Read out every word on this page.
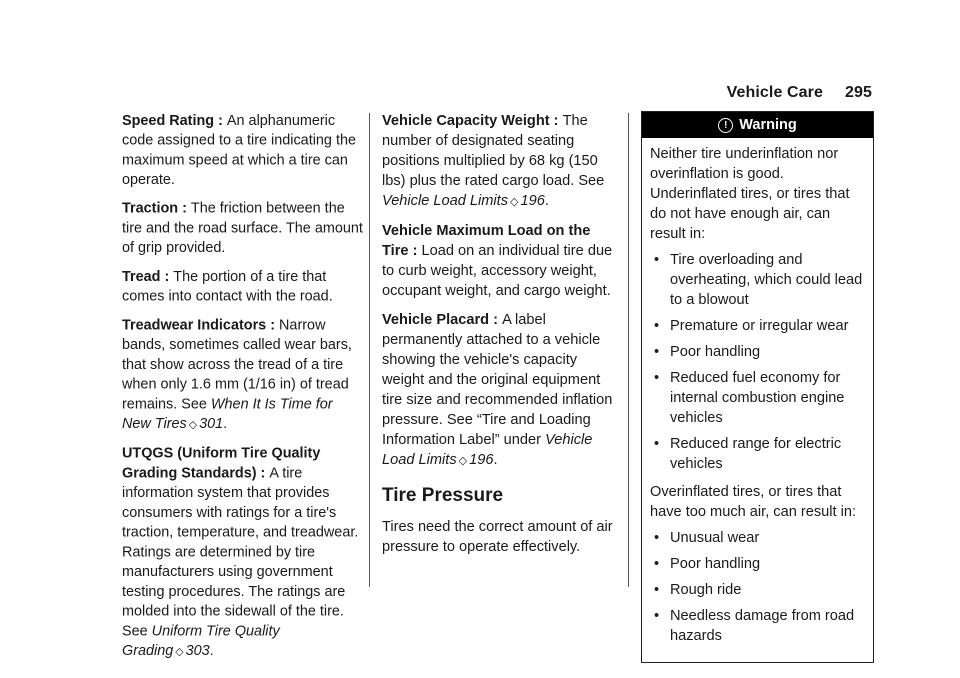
Vehicle Care 295

Speed Rating : An alphanumeric code assigned to a tire indicating the maximum speed at which a tire can operate.

Traction : The friction between the tire and the road surface. The amount of grip provided.

Tread : The portion of a tire that comes into contact with the road.

Treadwear Indicators : Narrow bands, sometimes called wear bars, that show across the tread of a tire when only 1.6 mm (1/16 in) of tread remains. See When It Is Time for New Tires ◇ 301.

UTQGS (Uniform Tire Quality Grading Standards) : A tire information system that provides consumers with ratings for a tire's traction, temperature, and treadwear. Ratings are determined by tire manufacturers using government testing procedures. The ratings are molded into the sidewall of the tire. See Uniform Tire Quality Grading ◇ 303.

Vehicle Capacity Weight : The number of designated seating positions multiplied by 68 kg (150 lbs) plus the rated cargo load. See Vehicle Load Limits ◇ 196.

Vehicle Maximum Load on the Tire : Load on an individual tire due to curb weight, accessory weight, occupant weight, and cargo weight.

Vehicle Placard : A label permanently attached to a vehicle showing the vehicle's capacity weight and the original equipment tire size and recommended inflation pressure. See “Tire and Loading Information Label” under Vehicle Load Limits ◇ 196.

Tire Pressure

Tires need the correct amount of air pressure to operate effectively.

! Warning

Neither tire underinflation nor overinflation is good. Underinflated tires, or tires that do not have enough air, can result in:

• Tire overloading and overheating, which could lead to a blowout
• Premature or irregular wear
• Poor handling
• Reduced fuel economy for internal combustion engine vehicles
• Reduced range for electric vehicles

Overinflated tires, or tires that have too much air, can result in:

• Unusual wear
• Poor handling
• Rough ride
• Needless damage from road hazards
